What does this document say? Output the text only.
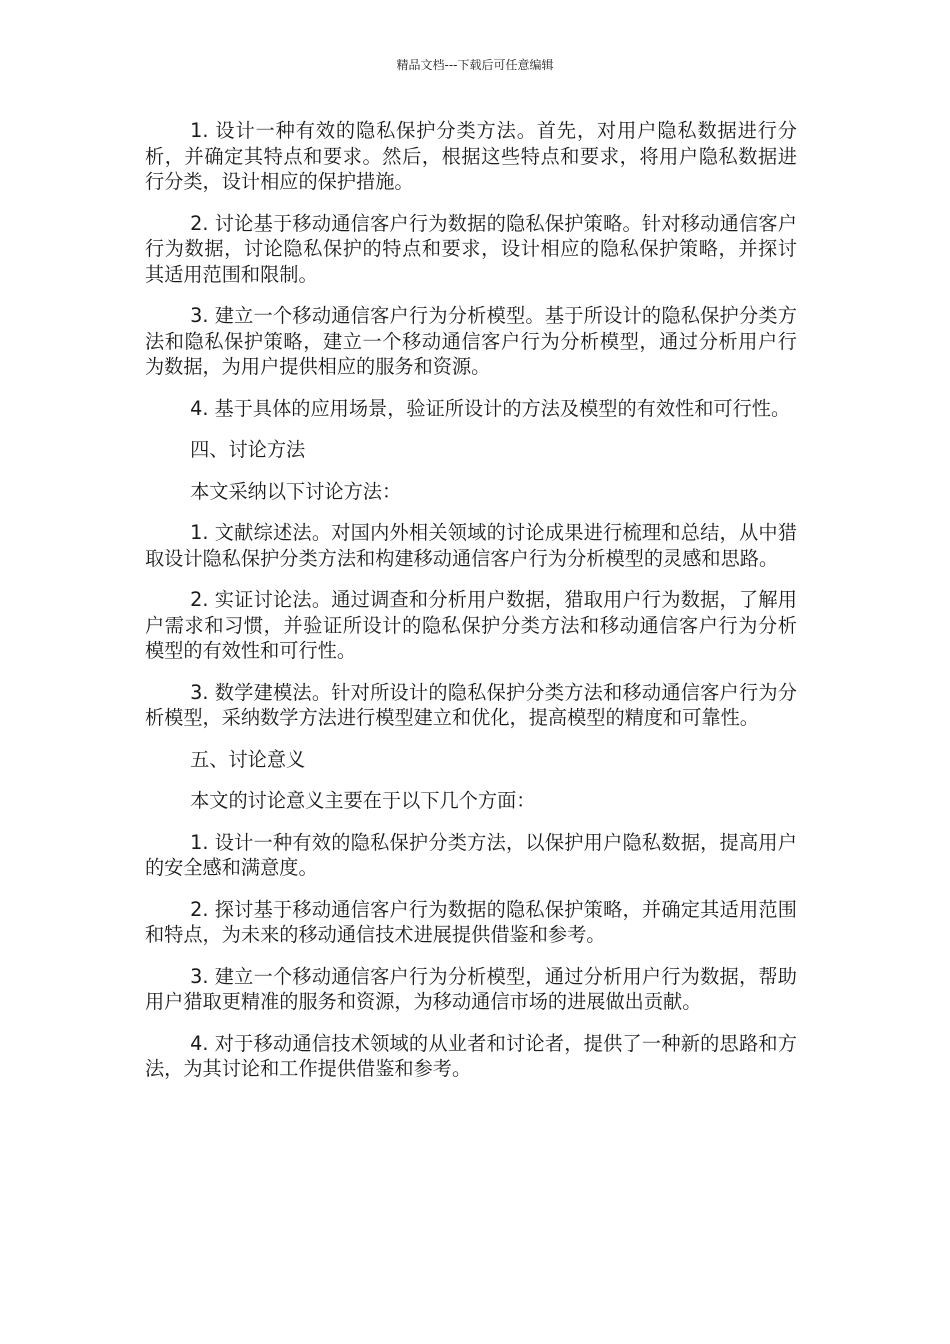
精品文档---下载后可任意编辑

1. 设计一种有效的隐私保护分类方法。首先，对用户隐私数据进行分析，并确定其特点和要求。然后，根据这些特点和要求，将用户隐私数据进行分类，设计相应的保护措施。

2. 讨论基于移动通信客户行为数据的隐私保护策略。针对移动通信客户行为数据，讨论隐私保护的特点和要求，设计相应的隐私保护策略，并探讨其适用范围和限制。

3. 建立一个移动通信客户行为分析模型。基于所设计的隐私保护分类方法和隐私保护策略，建立一个移动通信客户行为分析模型，通过分析用户行为数据，为用户提供相应的服务和资源。

4. 基于具体的应用场景，验证所设计的方法及模型的有效性和可行性。

四、讨论方法

本文采纳以下讨论方法：

1. 文献综述法。对国内外相关领域的讨论成果进行梳理和总结，从中猎取设计隐私保护分类方法和构建移动通信客户行为分析模型的灵感和思路。

2. 实证讨论法。通过调查和分析用户数据，猎取用户行为数据，了解用户需求和习惯，并验证所设计的隐私保护分类方法和移动通信客户行为分析模型的有效性和可行性。

3. 数学建模法。针对所设计的隐私保护分类方法和移动通信客户行为分析模型，采纳数学方法进行模型建立和优化，提高模型的精度和可靠性。

五、讨论意义

本文的讨论意义主要在于以下几个方面：

1. 设计一种有效的隐私保护分类方法，以保护用户隐私数据，提高用户的安全感和满意度。

2. 探讨基于移动通信客户行为数据的隐私保护策略，并确定其适用范围和特点，为未来的移动通信技术进展提供借鉴和参考。

3. 建立一个移动通信客户行为分析模型，通过分析用户行为数据，帮助用户猎取更精准的服务和资源，为移动通信市场的进展做出贡献。

4. 对于移动通信技术领域的从业者和讨论者，提供了一种新的思路和方法，为其讨论和工作提供借鉴和参考。
